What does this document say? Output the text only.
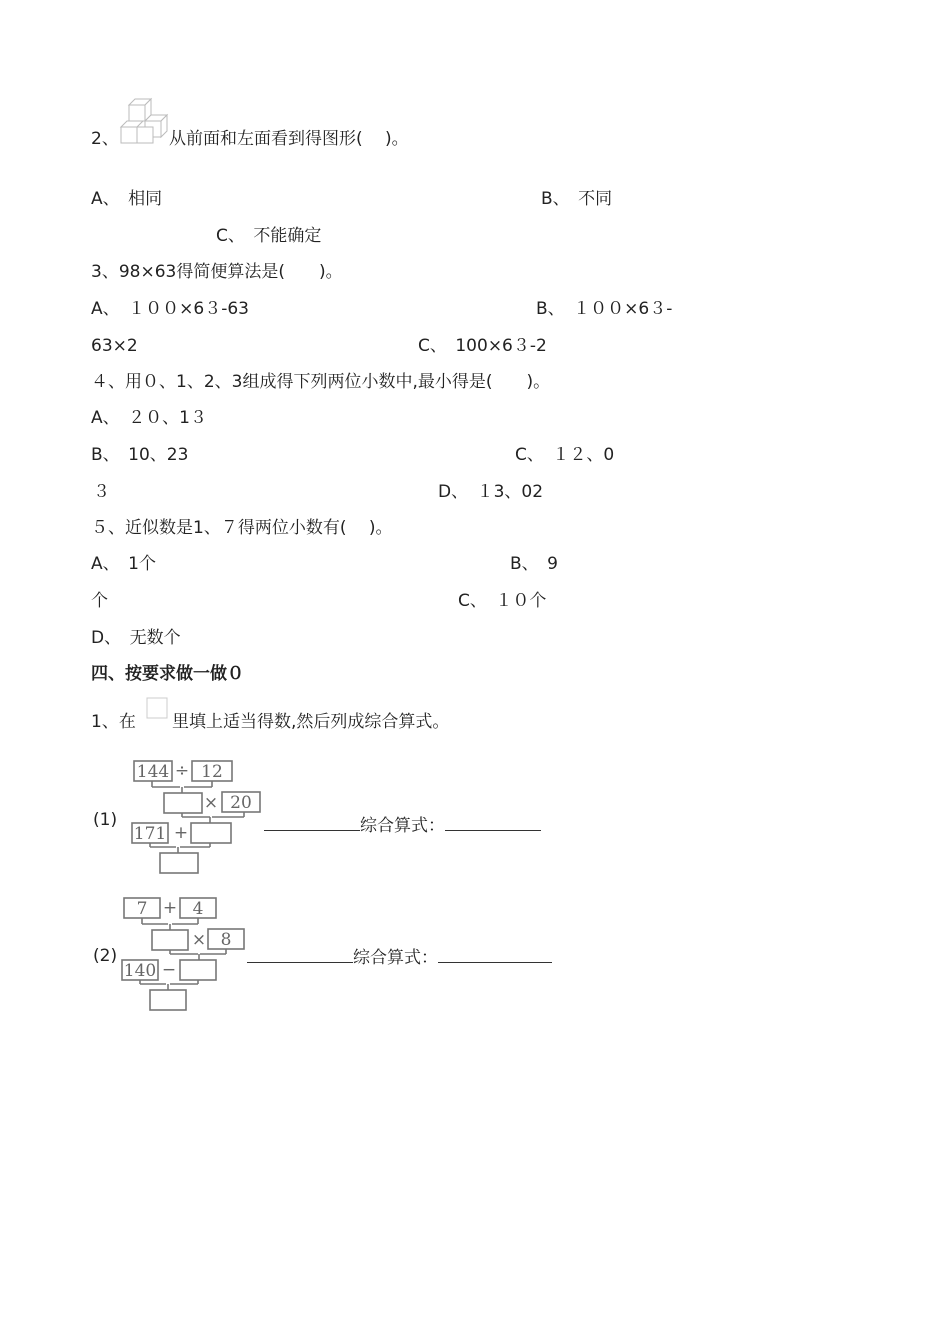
2、	从前面和左面看到得图形(　 )。
A、　相同	B、　不同
C、　不能确定
3、98×63得简便算法是(　　)。
A、　１００×6３-63	B、　１００×6３-
63×2	C、　100×6３-2
４、用０、1、2、3组成得下列两位小数中,最小得是(　　)。
A、　２０、1３
B、　10、23	C、　１２、0
３	D、　１3、02
５、近似数是1、７得两位小数有(　 )。
A、　1个	B、　9
个	C、　１０个
D、　无数个
四、按要求做一做０
1、在 里填上适当得数,然后列成综合算式。
(1)
144 ÷ 12
× 20
171 +	综合算式：
(2)
7 + 4
× 8
140 −
综合算式：
